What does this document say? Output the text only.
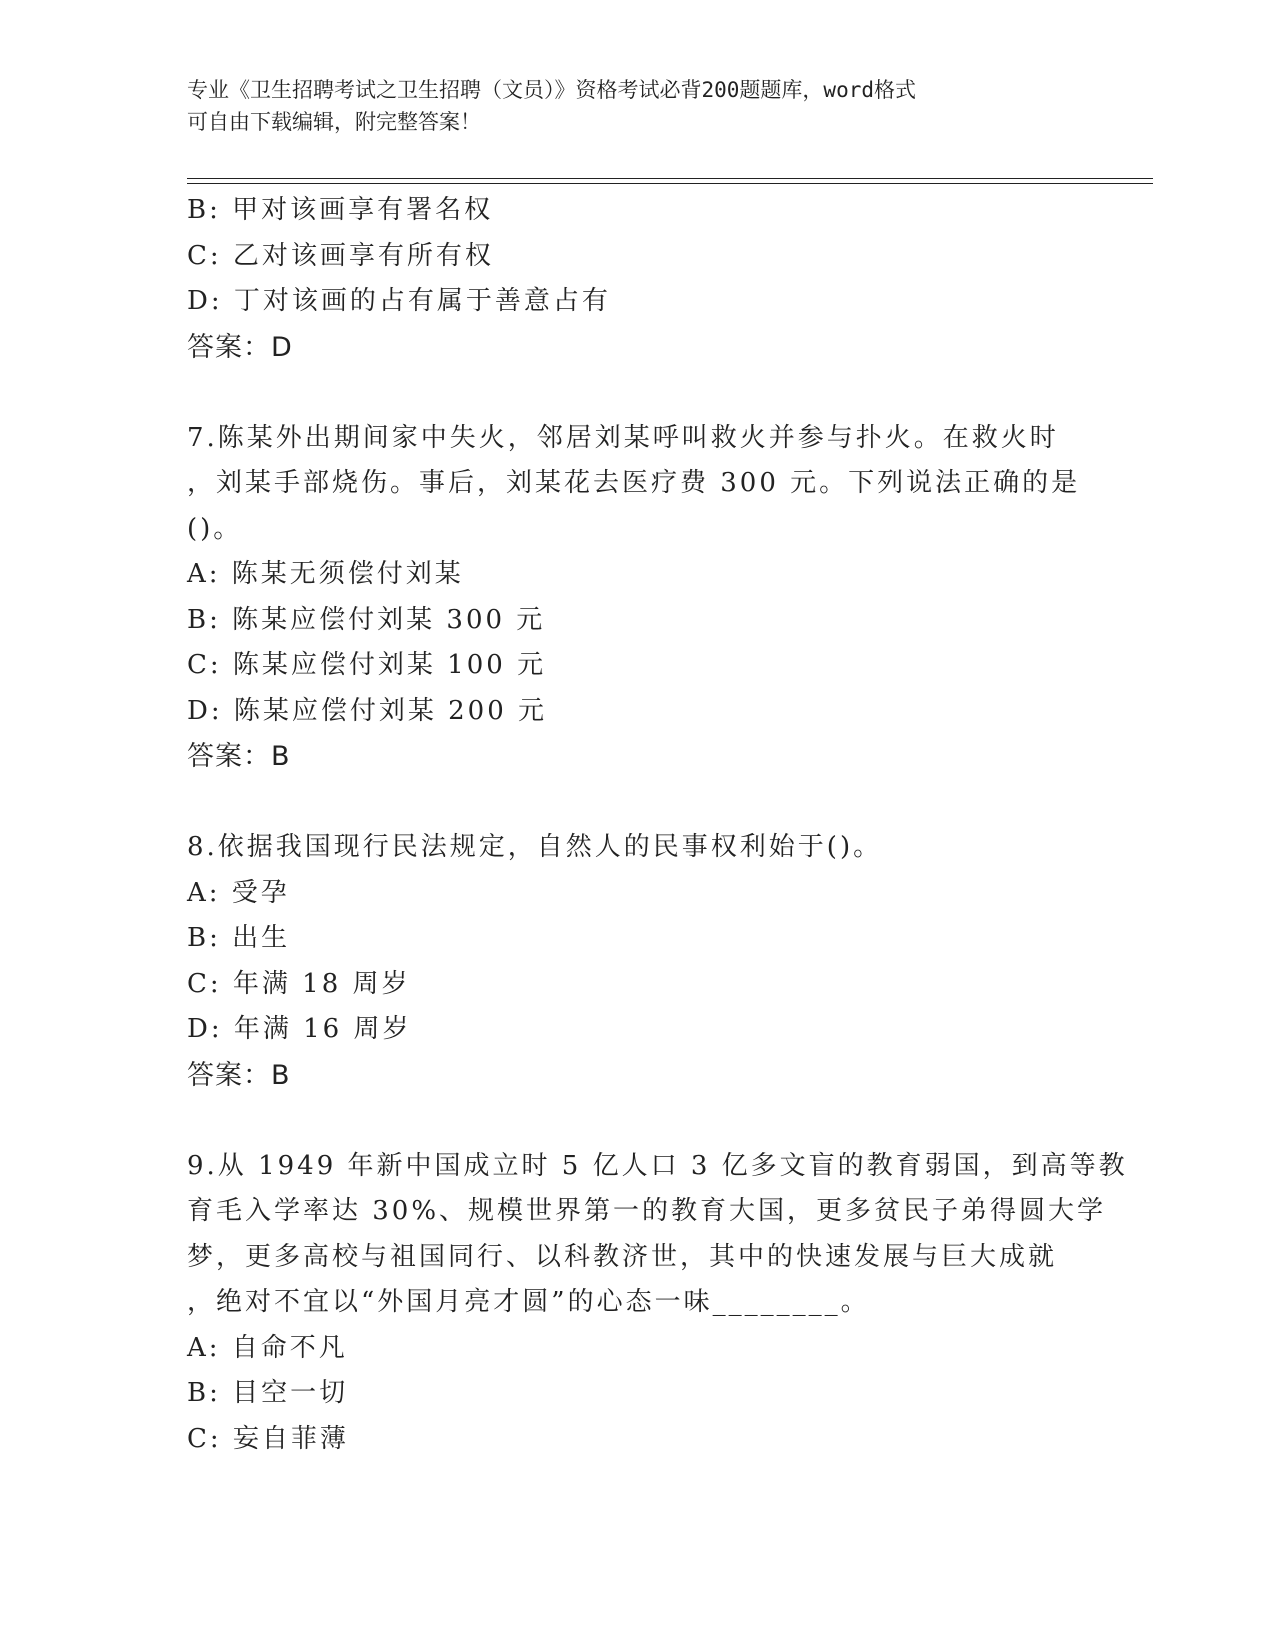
专业《卫生招聘考试之卫生招聘（文员）》资格考试必背200题题库，word格式
可自由下载编辑，附完整答案！
B: 甲对该画享有署名权
C: 乙对该画享有所有权
D: 丁对该画的占有属于善意占有
答案：D
7.陈某外出期间家中失火，邻居刘某呼叫救火并参与扑火。在救火时
，刘某手部烧伤。事后，刘某花去医疗费 300 元。下列说法正确的是
()。
A: 陈某无须偿付刘某
B: 陈某应偿付刘某 300 元
C: 陈某应偿付刘某 100 元
D: 陈某应偿付刘某 200 元
答案：B
8.依据我国现行民法规定，自然人的民事权利始于()。
A: 受孕
B: 出生
C: 年满 18 周岁
D: 年满 16 周岁
答案：B
9.从 1949 年新中国成立时 5 亿人口 3 亿多文盲的教育弱国，到高等教
育毛入学率达 30%、规模世界第一的教育大国，更多贫民子弟得圆大学
梦，更多高校与祖国同行、以科教济世，其中的快速发展与巨大成就
，绝对不宜以“外国月亮才圆”的心态一味________。
A: 自命不凡
B: 目空一切
C: 妄自菲薄
